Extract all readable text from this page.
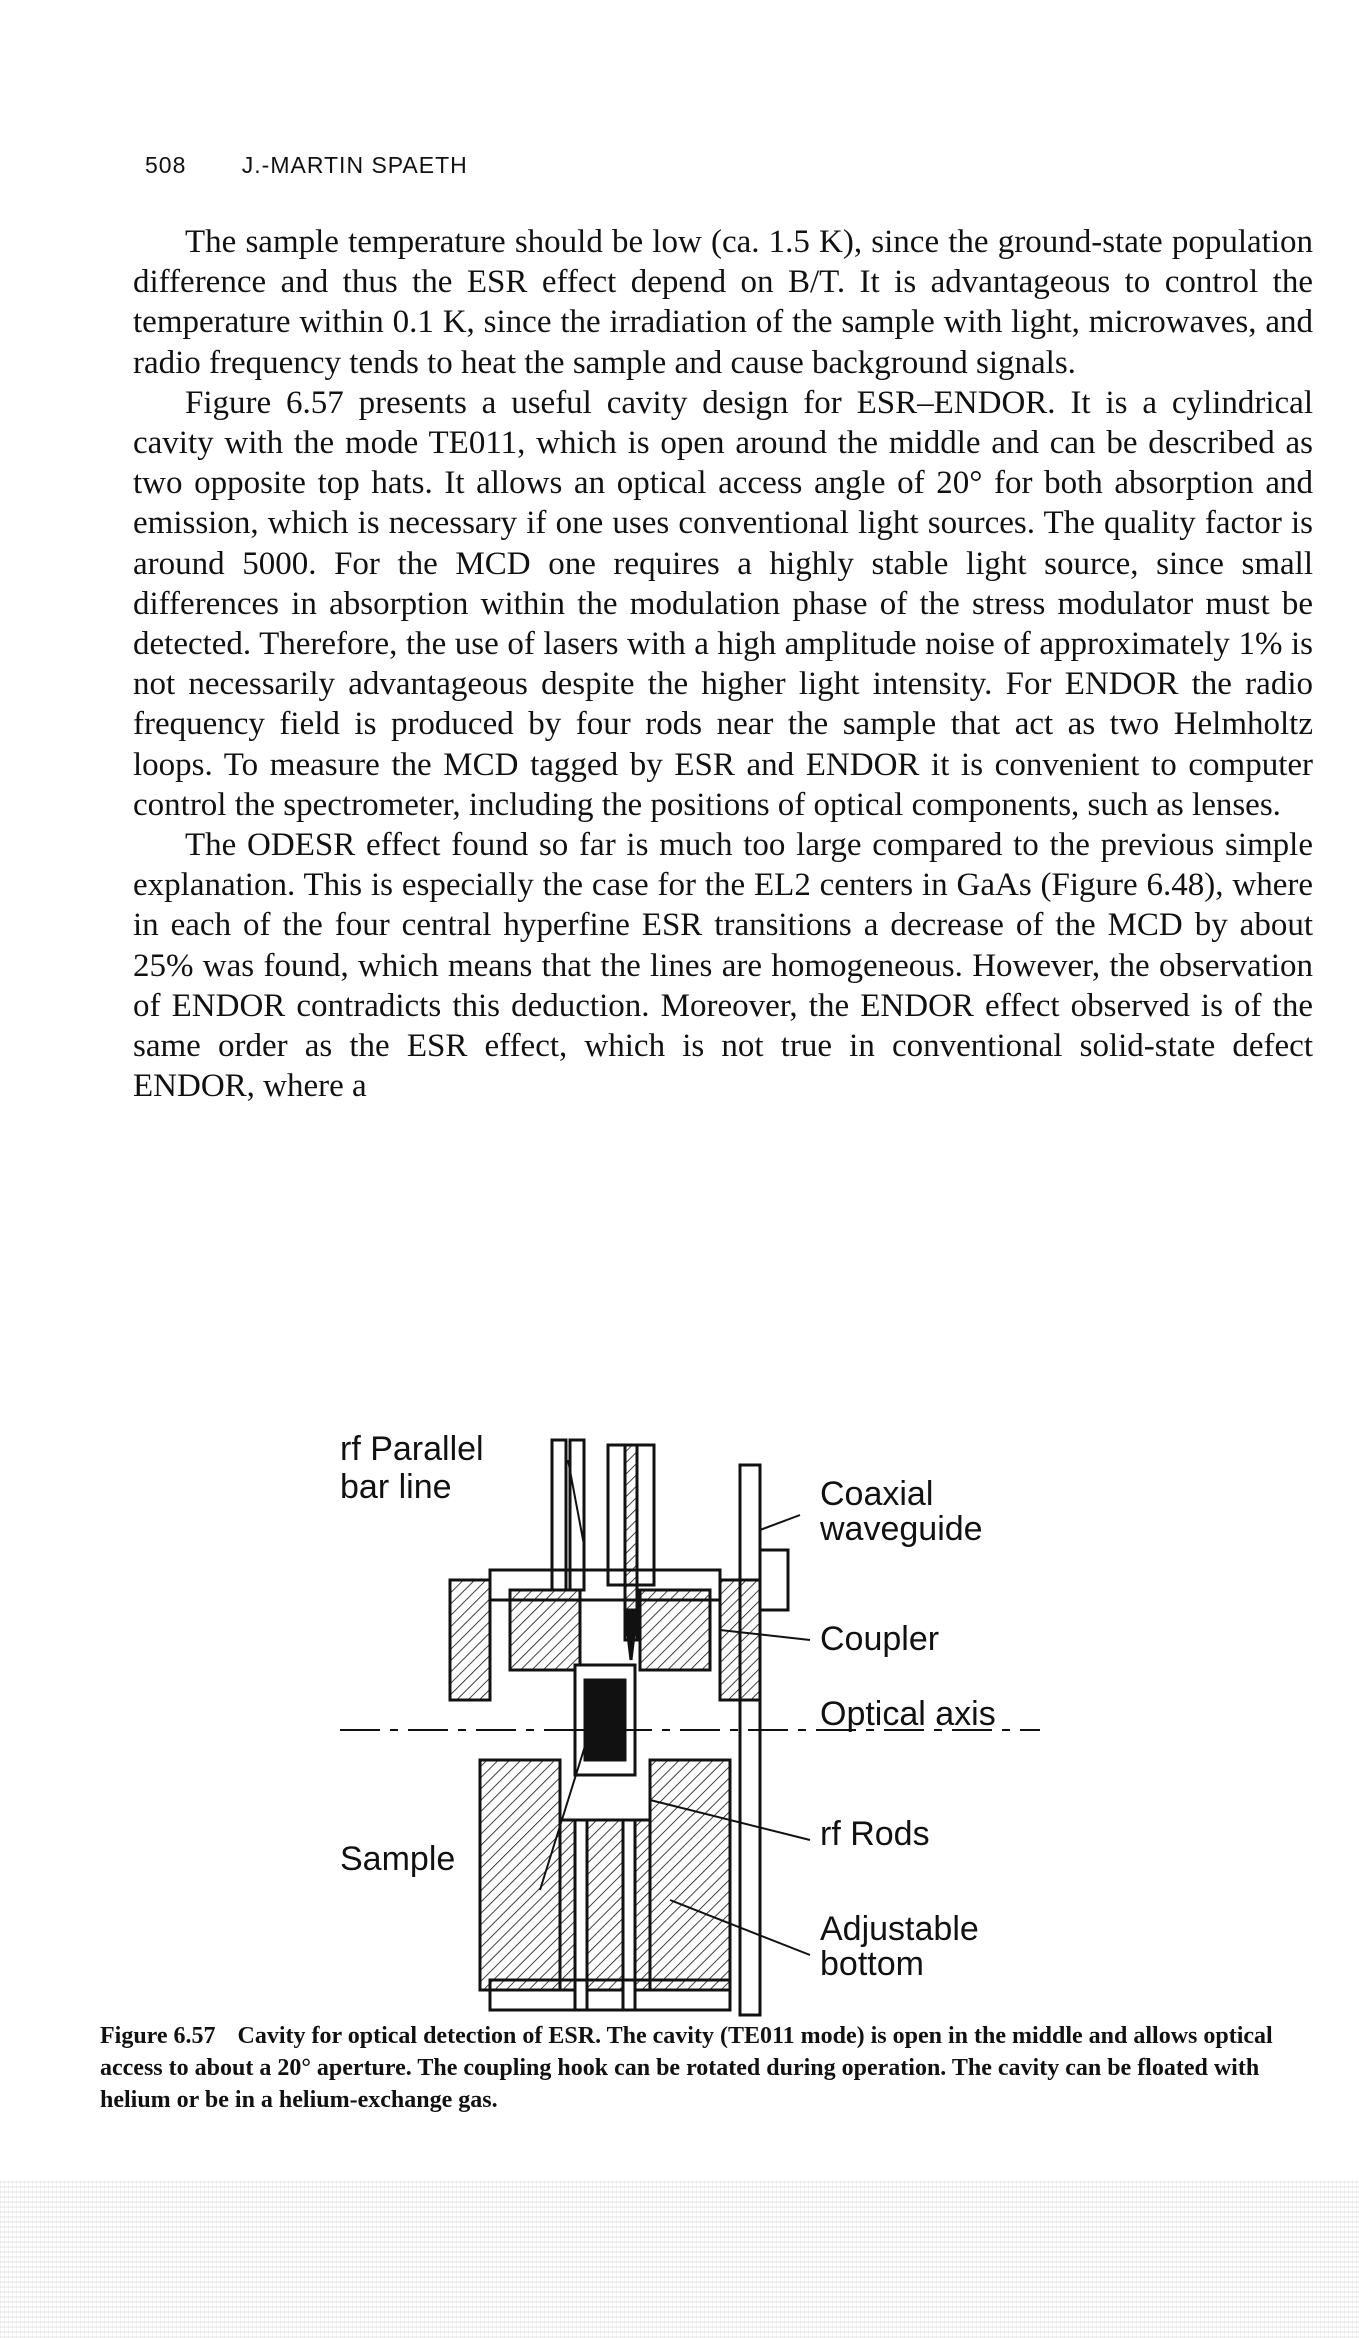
508 J.-MARTIN SPAETH

The sample temperature should be low (ca. 1.5 K), since the ground-state population difference and thus the ESR effect depend on B/T. It is advantageous to control the temperature within 0.1 K, since the irradiation of the sample with light, microwaves, and radio frequency tends to heat the sample and cause background signals.

Figure 6.57 presents a useful cavity design for ESR–ENDOR. It is a cylindrical cavity with the mode TE011, which is open around the middle and can be described as two opposite top hats. It allows an optical access angle of 20° for both absorption and emission, which is necessary if one uses conventional light sources. The quality factor is around 5000. For the MCD one requires a highly stable light source, since small differences in absorption within the modulation phase of the stress modulator must be detected. Therefore, the use of lasers with a high amplitude noise of approximately 1% is not necessarily advantageous despite the higher light intensity. For ENDOR the radio frequency field is produced by four rods near the sample that act as two Helmholtz loops. To measure the MCD tagged by ESR and ENDOR it is convenient to computer control the spectrometer, including the positions of optical components, such as lenses.

The ODESR effect found so far is much too large compared to the previous simple explanation. This is especially the case for the EL2 centers in GaAs (Figure 6.48), where in each of the four central hyperfine ESR transitions a decrease of the MCD by about 25% was found, which means that the lines are homogeneous. However, the observation of ENDOR contradicts this deduction. Moreover, the ENDOR effect observed is of the same order as the ESR effect, which is not true in conventional solid-state defect ENDOR, where a

rf Parallel
bar line	Coaxial
waveguide
Coupler
Optical axis
rf Rods
Sample
Adjustable
bottom

Figure 6.57 Cavity for optical detection of ESR. The cavity (TE011 mode) is open in the middle and allows optical access to about a 20° aperture. The coupling hook can be rotated during operation. The cavity can be floated with helium or be in a helium-exchange gas.
